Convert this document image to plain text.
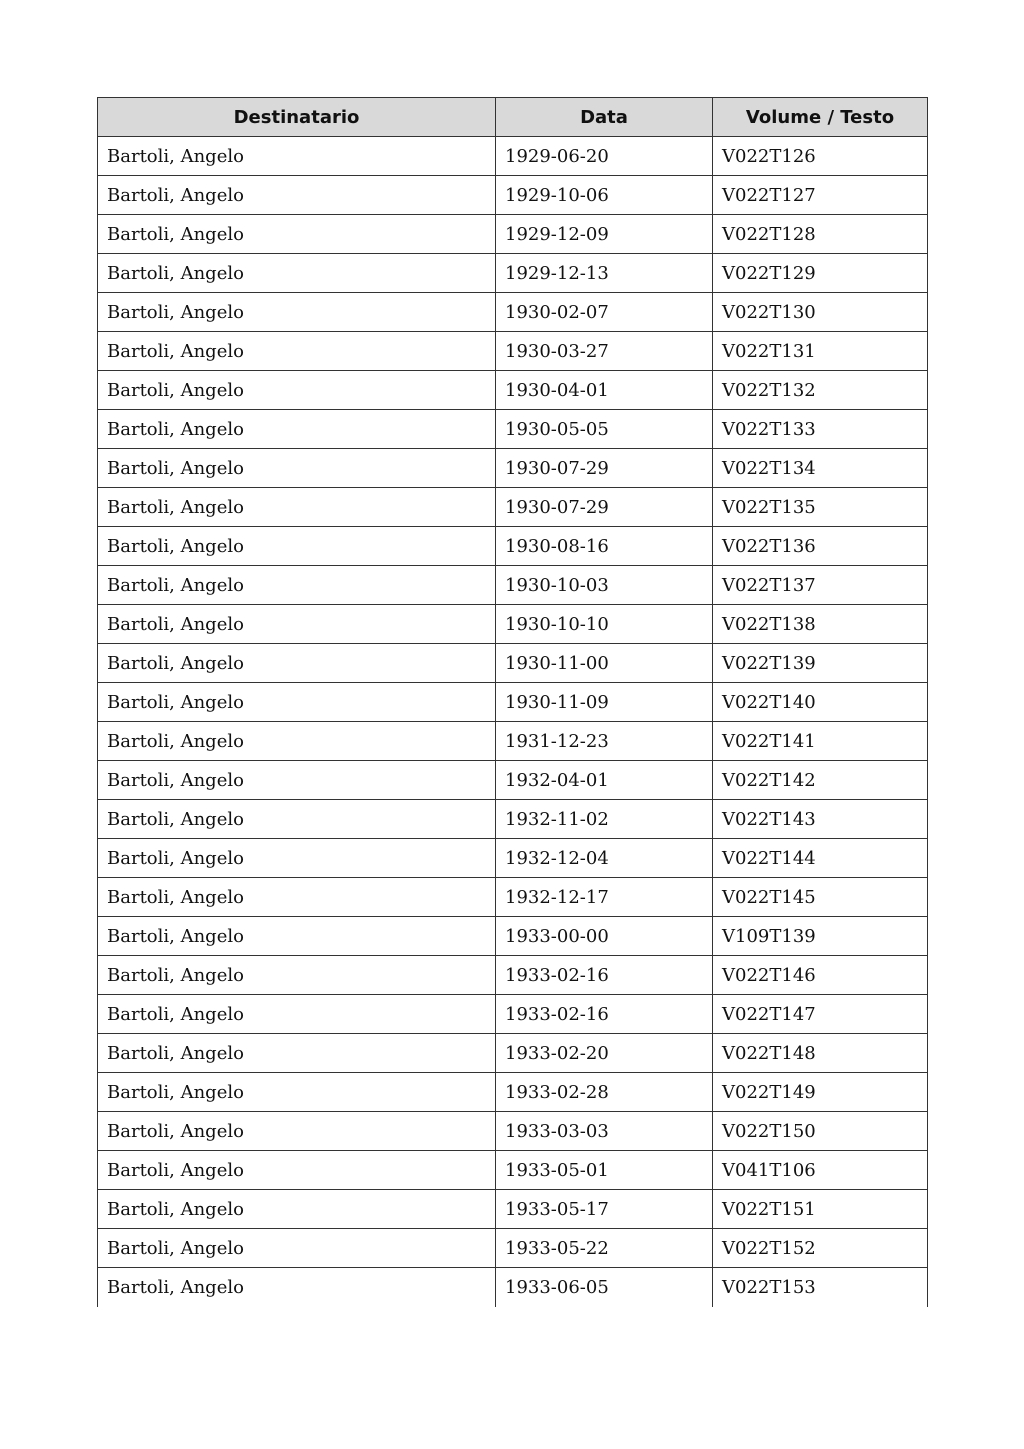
Destinatario	Data	Volume / Testo
Bartoli, Angelo	1929-06-20	V022T126
Bartoli, Angelo	1929-10-06	V022T127
Bartoli, Angelo	1929-12-09	V022T128
Bartoli, Angelo	1929-12-13	V022T129
Bartoli, Angelo	1930-02-07	V022T130
Bartoli, Angelo	1930-03-27	V022T131
Bartoli, Angelo	1930-04-01	V022T132
Bartoli, Angelo	1930-05-05	V022T133
Bartoli, Angelo	1930-07-29	V022T134
Bartoli, Angelo	1930-07-29	V022T135
Bartoli, Angelo	1930-08-16	V022T136
Bartoli, Angelo	1930-10-03	V022T137
Bartoli, Angelo	1930-10-10	V022T138
Bartoli, Angelo	1930-11-00	V022T139
Bartoli, Angelo	1930-11-09	V022T140
Bartoli, Angelo	1931-12-23	V022T141
Bartoli, Angelo	1932-04-01	V022T142
Bartoli, Angelo	1932-11-02	V022T143
Bartoli, Angelo	1932-12-04	V022T144
Bartoli, Angelo	1932-12-17	V022T145
Bartoli, Angelo	1933-00-00	V109T139
Bartoli, Angelo	1933-02-16	V022T146
Bartoli, Angelo	1933-02-16	V022T147
Bartoli, Angelo	1933-02-20	V022T148
Bartoli, Angelo	1933-02-28	V022T149
Bartoli, Angelo	1933-03-03	V022T150
Bartoli, Angelo	1933-05-01	V041T106
Bartoli, Angelo	1933-05-17	V022T151
Bartoli, Angelo	1933-05-22	V022T152
Bartoli, Angelo	1933-06-05	V022T153
